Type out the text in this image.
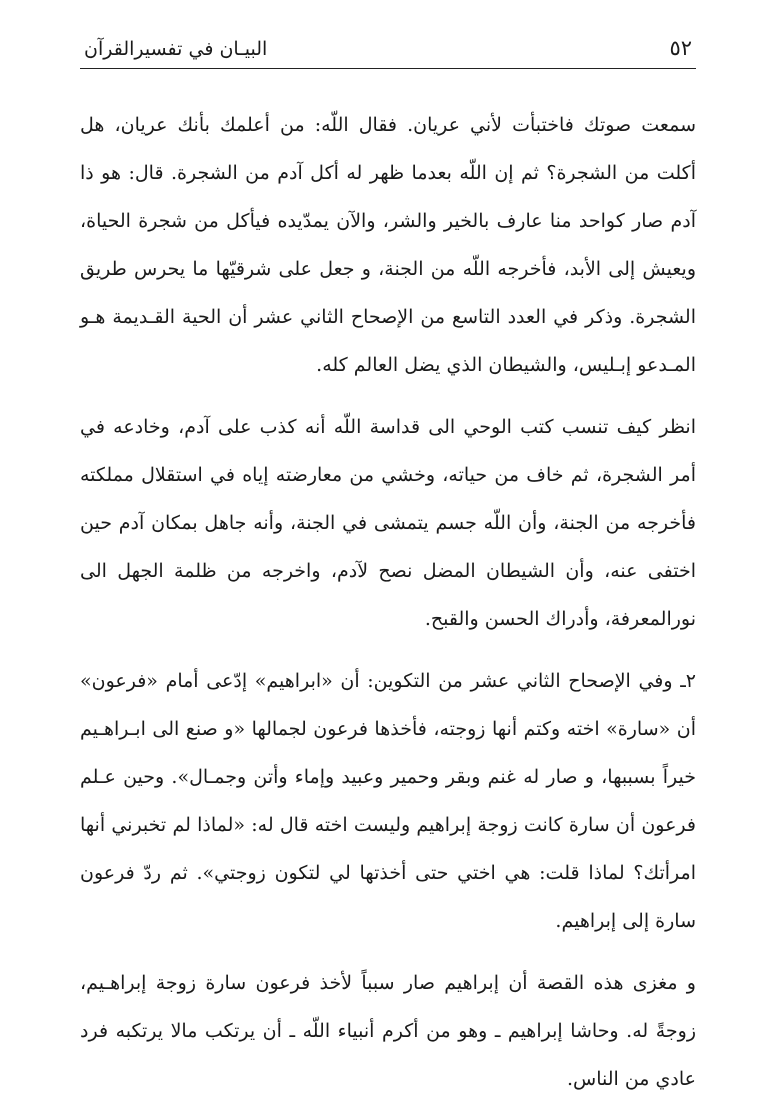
البيـان في تفسيرالقرآن	٥٢

سمعت صوتك فاختبأت لأني عريان. فقال اللّه: من أعلمك بأنك عريان، هل أكلت من الشجرة؟ ثم إن اللّه بعدما ظهر له أكل آدم من الشجرة. قال: هو ذا آدم صار كواحد منا عارف بالخير والشر، والآن يمدّيده فيأكل من شجرة الحياة، ويعيش إلى الأبد، فأخرجه اللّه من الجنة، و جعل على شرقيّها ما يحرس طريق الشجرة. وذكر في العدد التاسع من الإصحاح الثاني عشر أن الحية القـديمة هـو المـدعو إبـليس، والشيطان الذي يضل العالم كله.

انظر كيف تنسب كتب الوحي الى قداسة اللّه أنه كذب على آدم، وخادعه في أمر الشجرة، ثم خاف من حياته، وخشي من معارضته إياه في استقلال مملكته فأخرجه من الجنة، وأن اللّه جسم يتمشى في الجنة، وأنه جاهل بمكان آدم حين اختفى عنه، وأن الشيطان المضل نصح لآدم، واخرجه من ظلمة الجهل الى نورالمعرفة، وأدراك الحسن والقبح.

٢ـ وفي الإصحاح الثاني عشر من التكوين: أن «ابراهيم» إدّعى أمام «فرعون» أن «سارة» اخته وكتم أنها زوجته، فأخذها فرعون لجمالها «و صنع الى ابـراهـيم خيراً بسببها، و صار له غنم وبقر وحمير وعبيد وإماء وأتن وجمـال». وحين عـلم فرعون أن سارة كانت زوجة إبراهيم وليست اخته قال له: «لماذا لم تخبرني أنها امرأتك؟ لماذا قلت: هي اختي حتى أخذتها لي لتكون زوجتي». ثم ردّ فرعون سارة إلى إبراهيم.

و مغزى هذه القصة أن إبراهيم صار سبباً لأخذ فرعون سارة زوجة إبراهـيم، زوجةً له. وحاشا إبراهيم ـ وهو من أكرم أنبياء اللّه ـ أن يرتكب مالا يرتكبه فرد عادي من الناس.
